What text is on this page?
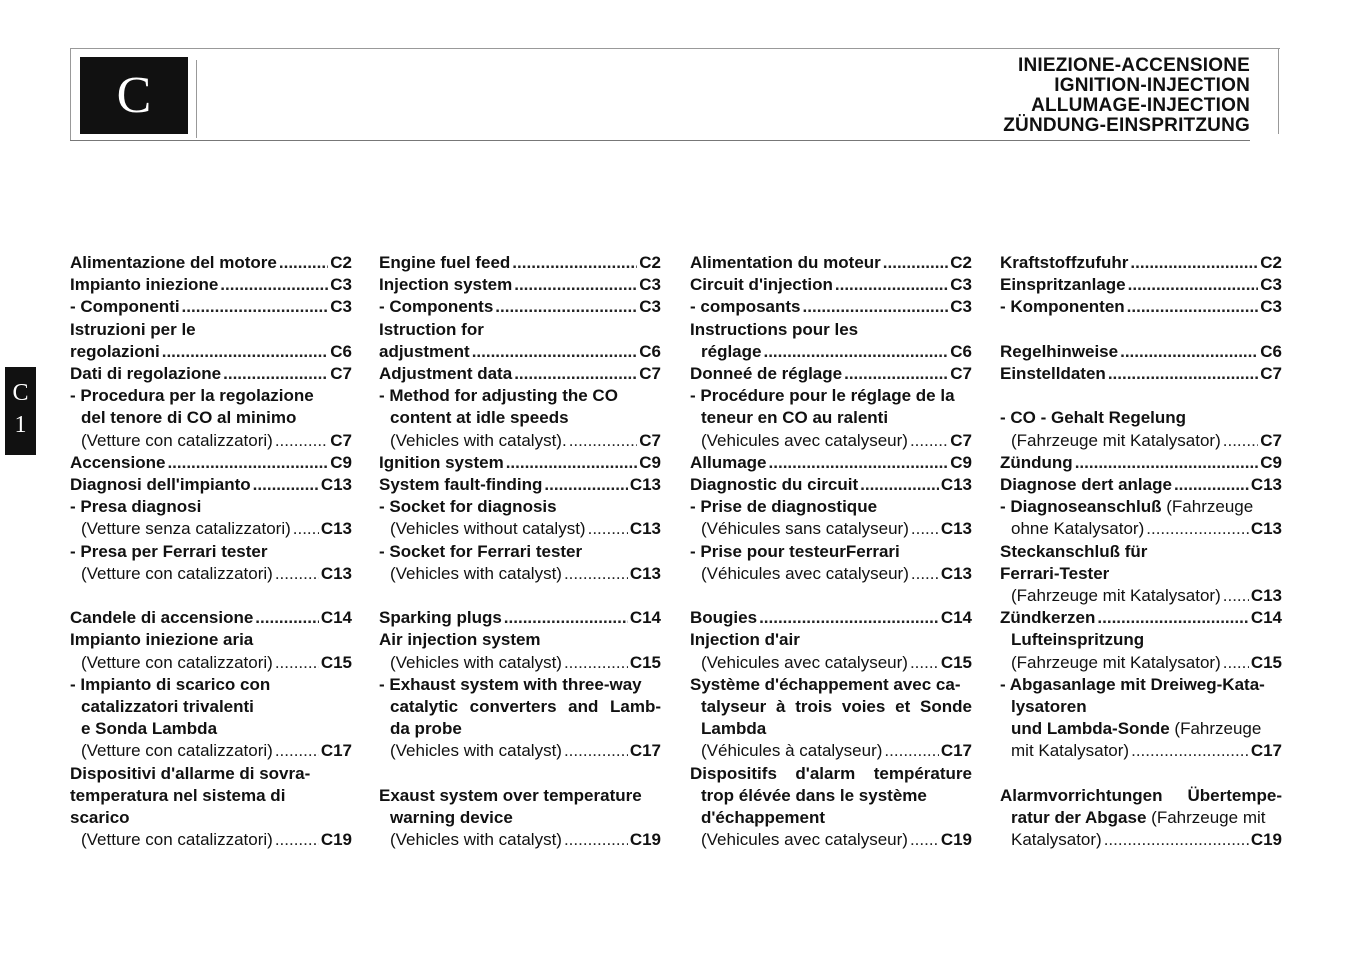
C
INIEZIONE-ACCENSIONE
IGNITION-INJECTION
ALLUMAGE-INJECTION
ZÜNDUNG-EINSPRITZUNG
C
1
Alimentazione del motore .....	C2
Impianto iniezione .....	C3
- Componenti .....	C3
Istruzioni per le
regolazioni .....	C6
Dati di regolazione .....	C7
- Procedura per la regolazione
del tenore di CO al minimo
(Vetture con catalizzatori) .....	C7
Accensione .....	C9
Diagnosi dell'impianto .....	C13
- Presa diagnosi
(Vetture senza catalizzatori) ..... C13
- Presa per Ferrari tester
(Vetture con catalizzatori) .....	C13
Candele di accensione .....	C14
Impianto iniezione aria
(Vetture con catalizzatori) .....	C15
- Impianto di scarico con
catalizzatori trivalenti
e Sonda Lambda
(Vetture con catalizzatori) .....	C17
Dispositivi d'allarme di sovra-
temperatura nel sistema di
scarico
(Vetture con catalizzatori) .....	C19
Engine fuel feed .....	C2
Injection system .....	C3
- Components .....	C3
Istruction for
adjustment .....	C6
Adjustment data .....	C7
- Method for adjusting the CO
content at idle speeds
(Vehicles with catalyst). .....	C7
Ignition system .....	C9
System fault-finding .....	C13
- Socket for diagnosis
(Vehicles without catalyst) .....	C13
- Socket for Ferrari tester
(Vehicles with catalyst) .....	C13
Sparking plugs .....	C14
Air injection system
(Vehicles with catalyst) .....	C15
- Exhaust system with three-way
catalytic converters and Lamb-
da probe
(Vehicles with catalyst) .....	C17
Exaust system over temperature
warning device
(Vehicles with catalyst) .....	C19
Alimentation du moteur .....	C2
Circuit d'injection .....	C3
- composants .....	C3
Instructions pour les
réglage .....	C6
Donneé de réglage .....	C7
- Procédure pour le réglage de la
teneur en CO au ralenti
(Vehicules avec catalyseur) ..... C7
Allumage .....	C9
Diagnostic du circuit .....	C13
- Prise de diagnostique
(Véhicules sans catalyseur) ..... C13
- Prise pour testeurFerrari
(Véhicules avec catalyseur) ..... C13
Bougies .....	C14
Injection d'air
(Vehicules avec catalyseur) ..... C15
Système d'échappement avec ca-
talyseur à trois voies et Sonde
Lambda
(Véhicules à catalyseur) .....	C17
Dispositifs d'alarm température
trop élévée dans le système
d'échappement
(Vehicules avec catalyseur) ..... C19
Kraftstoffzufuhr .....	C2
Einspritzanlage .....	C3
- Komponenten .....	C3
Regelhinweise .....	C6
Einstelldaten .....	C7
- CO - Gehalt Regelung
(Fahrzeuge mit Katalysator) ..... C7
Zündung .....	C9
Diagnose dert anlage .....	C13
- Diagnoseanschluß (Fahrzeuge
ohne Katalysator) .....	C13
Steckanschluß für
Ferrari-Tester
(Fahrzeuge mit Katalysator) ..... C13
Zündkerzen .....	C14
Lufteinspritzung
(Fahrzeuge mit Katalysator) ..... C15
- Abgasanlage mit Dreiweg-Kata-
lysatoren
und Lambda-Sonde (Fahrzeuge
mit Katalysator) .....	C17
Alarmvorrichtungen Übertempe-
ratur der Abgase (Fahrzeuge mit
Katalysator) .....	C19
